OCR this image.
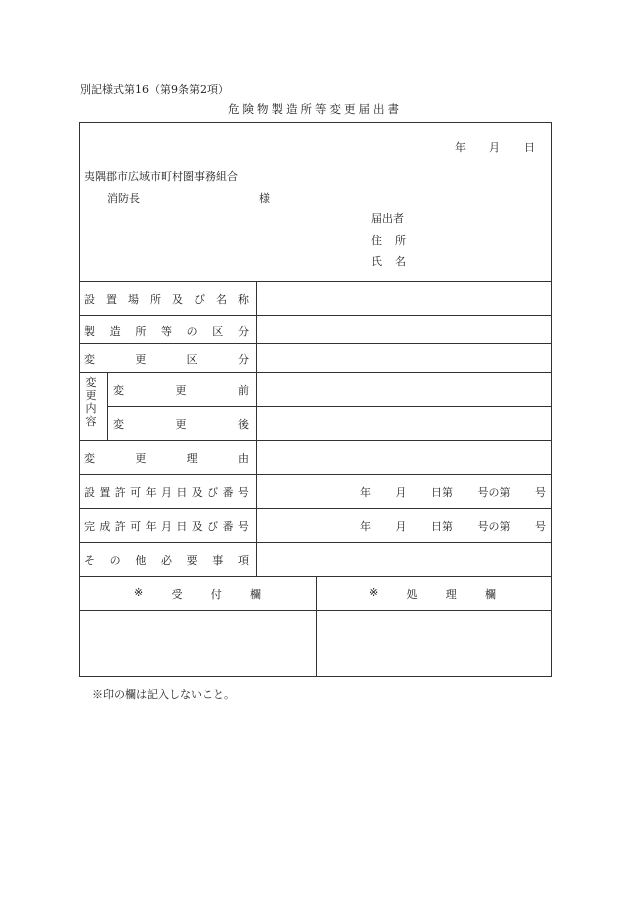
別記様式第16（第9条第2項）
危険物製造所等変更届出書
年 月 日
夷隅郡市広域市町村圏事務組合
消防長	様
届出者
住 所
氏 名
設 置 場 所 及 び 名 称
製 造 所 等 の 区 分
変	更	区	分
変更内容
変	更	前
変	更	後
変	更	理	由
設 置 許 可 年 月 日 及 び 番 号	年 月 日第 号の第 号
完 成 許 可 年 月 日 及 び 番 号	年 月 日第 号の第 号
そ の 他 必 要 事 項
※	受	付	欄	※	処	理	欄
※印の欄は記入しないこと。
